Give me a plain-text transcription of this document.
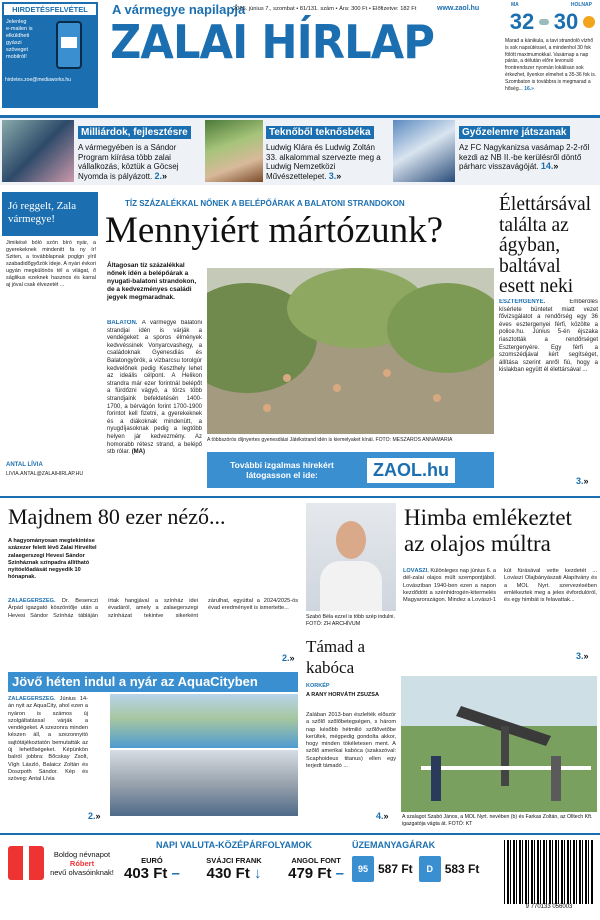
HIRDETÉSFELVÉTEL
Jelenleg
e-mailen is
elküldheti
gyászi
szöveget
mobilról!
hirdetes.zoe@mediaworks.hu
A vármegye napilapja
2025. június 7., szombat • 81/131. szám • Ára: 300 Ft • Előfizetve: 182 Ft	www.zaol.hu
ZALAI HÍRLAP
MA	HOLNAP
32 30
Marad a kánikula, a tavi strandoló vízhő is sok napsütéssel, a mindenhol 30 fok fölött maximumokkal. Vasárnap a nap párás, a délután előre levonuló frontrendszer nyomán lokálisan sok érkezhet, ilyenkor elmehet a 35-36 fok is. Szombaton is továbbra is megmarad a hőség... 16.»
Milliárdok, fejlesztésre
A vármegyében is a Sándor Program kiírása több zalai vállalkozás, köztük a Göcsej Nyomda is pályázott. 2.»
Teknőből teknősbéka
Ludwig Klára és Ludwig Zoltán 33. alkalommal szervezte meg a Ludwig Nemzetközi Művészettelepet. 3.»
Győzelemre játszanak
Az FC Nagykanizsa vasámap 2-2-ről kezdi az NB II.-be kerülésről döntő párharc visszavágóját. 14.»
Jó reggelt, Zala vármegye!
Jimikésé bóló szón bíró nyár, a gyerekeknek mindenitt fa ny ír! Sziten, a továbblapnak poglgn yíril szabadidőgyőzök ideje. A nyári évkori ugyán megkülönös tél a világat, ő ságlikus ezeknek hasznos és karral aj jóval csak élvezetét ...
ANTAL LÍVIA
LIVIA.ANTAL@ZALAIHIRLAP.HU
TÍZ SZÁZALÉKKAL NŐNEK A BELÉPŐÁRAK A BALATONI STRANDOKON
Mennyiért mártózunk?
Áltagosan tíz százalékkal nőnek idén a belépőárak a nyugati-balatoni strandokon, de a kedvezményes családi jegyek megmaradnak.
BALATON. A vármegye balatoni strandjai idén is várják a vendégeket: a sporos élmények kedvvéssinek Vonyarcvashegy, a családoknak Gyenesdiás és Balatongyörök, a vízbarcsu torolgúr kedvelőnek pedig Keszthely lehet az ideális célpont. A Helikon strandra már ezer forintnál belépőt a fürdőzni vágyó, a törzs több strandjaink befektetésén 1400-1700, a bérvágón forint 1700-1900 forintot kell fizetni, a gyerekeknek és a diákoknak mindenütt, a nyugdíjasoknak pedig a legtöbb helyen jár kedvezmény. Az homorabb rétesz strand, a belépő stb rólar. (MA)
A többszörös díjnyertes gyenesdiási Játékstrand idén is kiemelyaket kínál. FOTÓ: MÉSZÁROS ANNAMÁRIA
További izgalmas hírekért
látogasson el ide:	ZAOL.hu
Élettársával találta az ágyban, baltával esett neki
ESZTERGENYE.	Emberölés kísérlete büntetet miatt vezet fővizsgálatot a rendőrség egy 36 éves esztergenyei férfi, közölte a police.hu. Június 5-én éjszaka riasztották a rendőrséget Esztergenyére. Egy férfi a szomszédjával kért segítséget, állítása szerint anről fiú, hogy a kislakban együtt él élettársával ...
3.»
Majdnem 80 ezer néző...
A hagyományosan megtekintése százezer felett lévő Zalai Hírvéltel zalaegerszegi Hevesi Sándor Színháznak színpadra állítható nyitóelőadását negyedik 10 hónapnak.
ZALAEGERSZEG. Dr. Besenczi Árpád igazgató köszöntője után a Hevesi Sándor Színház tábláján írtak hangjával a színház idei évadáról, amely a zalaegerszegi színházat tekintve sikerként zárulhat, egyúttal a 2024/2025-ös évad eredményeit is ismertette...
Szabó Béla ezzel is több szép indulni. FOTÓ: ZH ARCHÍVUM
2.»
Himba emlékeztet az olajos múltra
LOVÁSZI. Különleges nap június 6. a dél-zalai olajos múlt szempontjából. Lovásziban 1940-ben ezen a napon kezdődött a szénhidrogén-kitermelés Magyarországon. Mindez a Lovászi-1 kút fúrásával vette kezdetét ... Lovászi Olajbányászati Alapítvány és a MOL Nyrt. szervezésében emlékeztek meg a jeles évfordulóról, és egy himbát is felavattak...
3.»
A szalagot Szabó János, a MOL Nyrt. nevében (b) és Farkas Zoltán, az Olltech Kft. igazgatója vágta át. FOTÓ: KT
Jövő héten indul a nyár az AquaCityben
ZALAEGERSZEG. Június 14-án nyit az AquaCity, ahol ezen a nyáron is számos új szolgáltatással várják a vendégeket. A szezonra minden készen áll, a szezonnyitó sajtótájékoztatón bemutatták az új lehetőségeket. Képünkön balról jobbra: Bőcskay Zsolt, Vígh László, Balaicz Zoltán és Doszpoth Sándor. Kép és szöveg: Antal Lívia
2.»
Támad a kabóca
KORKÉP
A RANY HORVÁTH ZSUZSA
Zalában 2013-ban észlelték először a szőlő szőlőbetegségen, s három nap később hétmilió szőlővetőbe kerültek, mégpedig gondolta akkor, hogy minden tökéletesen ment. A szőlő amerikai kabóca (szakszóval: Scaphoideus titanus) ellen egy terjedt támadó ...
4.»
Boldog névnapot
Róbert
nevű olvasóinknak!
NAPI VALUTA-KÖZÉPÁRFOLYAMOK
EURÓ
403 Ft –
SVÁJCI FRANK
430 Ft ↓
ANGOL FONT
479 Ft –
ÜZEMANYAGÁRAK
95 587 Ft	D 583 Ft
9 770133 056003
